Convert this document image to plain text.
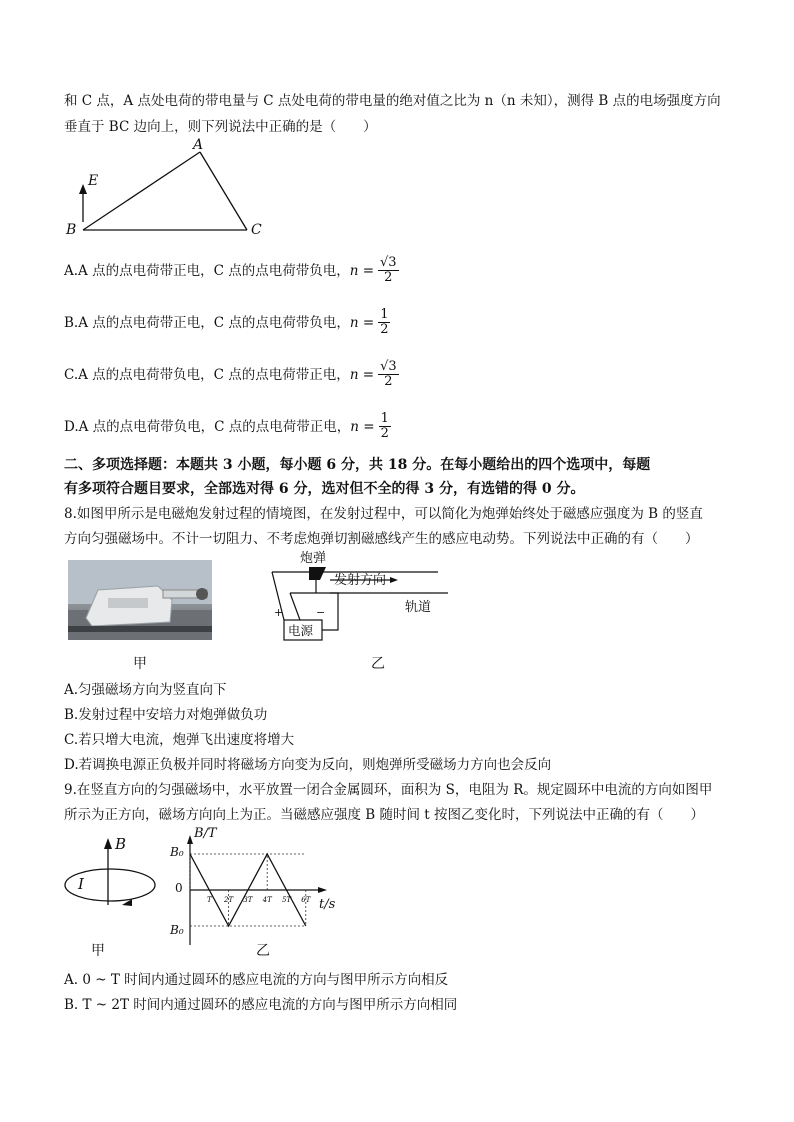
和 C 点，A 点处电荷的带电量与 C 点处电荷的带电量的绝对值之比为 n（n 未知），测得 B 点的电场强度方向
垂直于 BC 边向上，则下列说法中正确的是（　　）
A
B	C
E
A.A 点的点电荷带正电，C 点的点电荷带负电， $n = \frac{√3}{2}$
B.A 点的点电荷带正电，C 点的点电荷带负电， $n = \frac{1}{2}$
C.A 点的点电荷带负电，C 点的点电荷带正电， $n = \frac{√3}{2}$
D.A 点的点电荷带负电，C 点的点电荷带正电， $n = \frac{1}{2}$
二、多项选择题：本题共 3 小题，每小题 6 分，共 18 分。在每小题给出的四个选项中，每题
有多项符合题目要求，全部选对得 6 分，选对但不全的得 3 分，有选错的得 0 分。
8.如图甲所示是电磁炮发射过程的情境图，在发射过程中，可以简化为炮弹始终处于磁感应强度为 B 的竖直
方向匀强磁场中。不计一切阻力、不考虑炮弹切割磁感线产生的感应电动势。下列说法中正确的有（　　）
甲
炮弹
发射方向
轨道
电源
+	−
乙
A.匀强磁场方向为竖直向下
B.发射过程中安培力对炮弹做负功
C.若只增大电流，炮弹飞出速度将增大
D.若调换电源正负极并同时将磁场方向变为反向，则炮弹所受磁场力方向也会反向
9.在竖直方向的匀强磁场中，水平放置一闭合金属圆环，面积为 S，电阻为 R。规定圆环中电流的方向如图甲
所示为正方向，磁场方向向上为正。当磁感应强度 B 随时间 t 按图乙变化时，下列说法中正确的有（　　）
B
I
甲
T 2T 3T 4T 5T 6T
B/T
B₀
0
B₀
t/s
乙
A. 0 ~ T 时间内通过圆环的感应电流的方向与图甲所示方向相反
B. T ~ 2T 时间内通过圆环的感应电流的方向与图甲所示方向相同
